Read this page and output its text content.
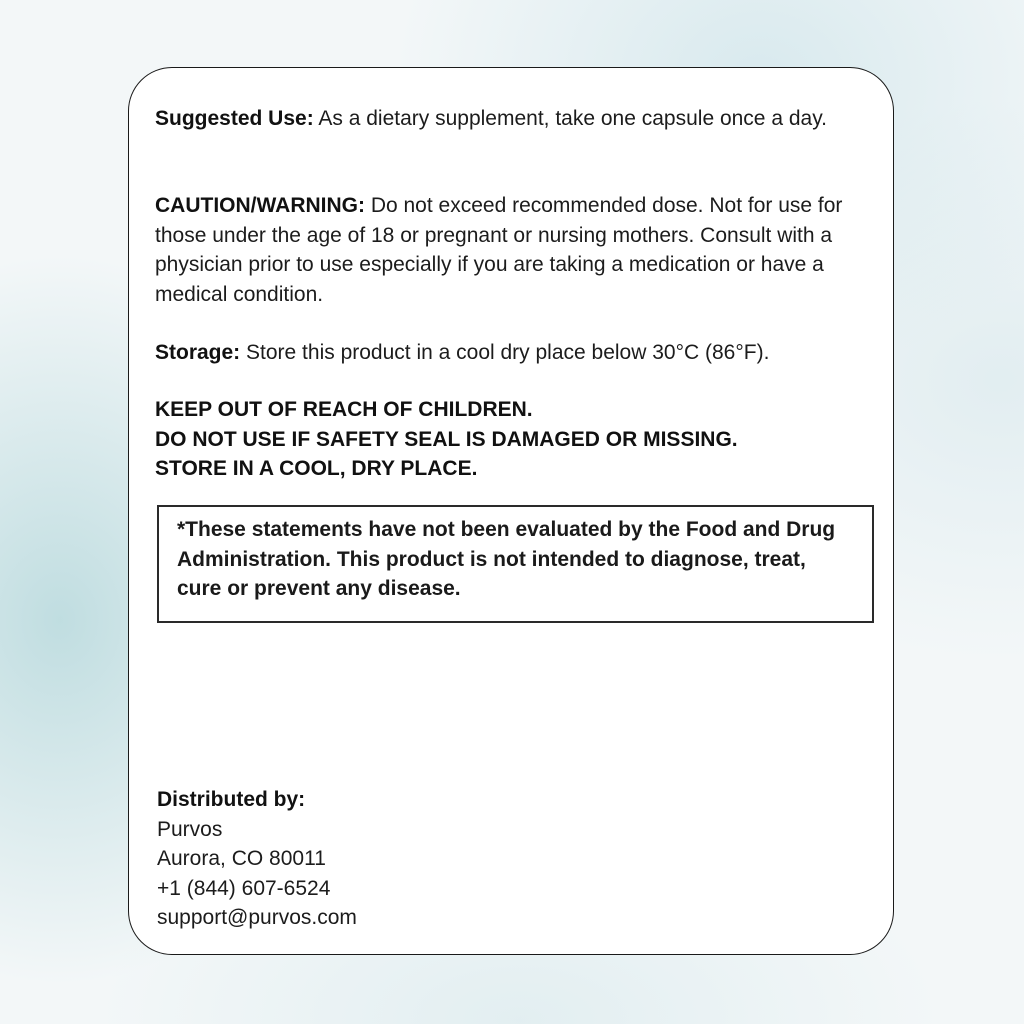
Suggested Use: As a dietary supplement, take one capsule once a day.

CAUTION/WARNING: Do not exceed recommended dose. Not for use for those under the age of 18 or pregnant or nursing mothers. Consult with a physician prior to use especially if you are taking a medication or have a medical condition.

Storage: Store this product in a cool dry place below 30°C (86°F).

KEEP OUT OF REACH OF CHILDREN.
DO NOT USE IF SAFETY SEAL IS DAMAGED OR MISSING.
STORE IN A COOL, DRY PLACE.

*These statements have not been evaluated by the Food and Drug Administration. This product is not intended to diagnose, treat, cure or prevent any disease.

Distributed by:
Purvos
Aurora, CO 80011
+1 (844) 607-6524
support@purvos.com
